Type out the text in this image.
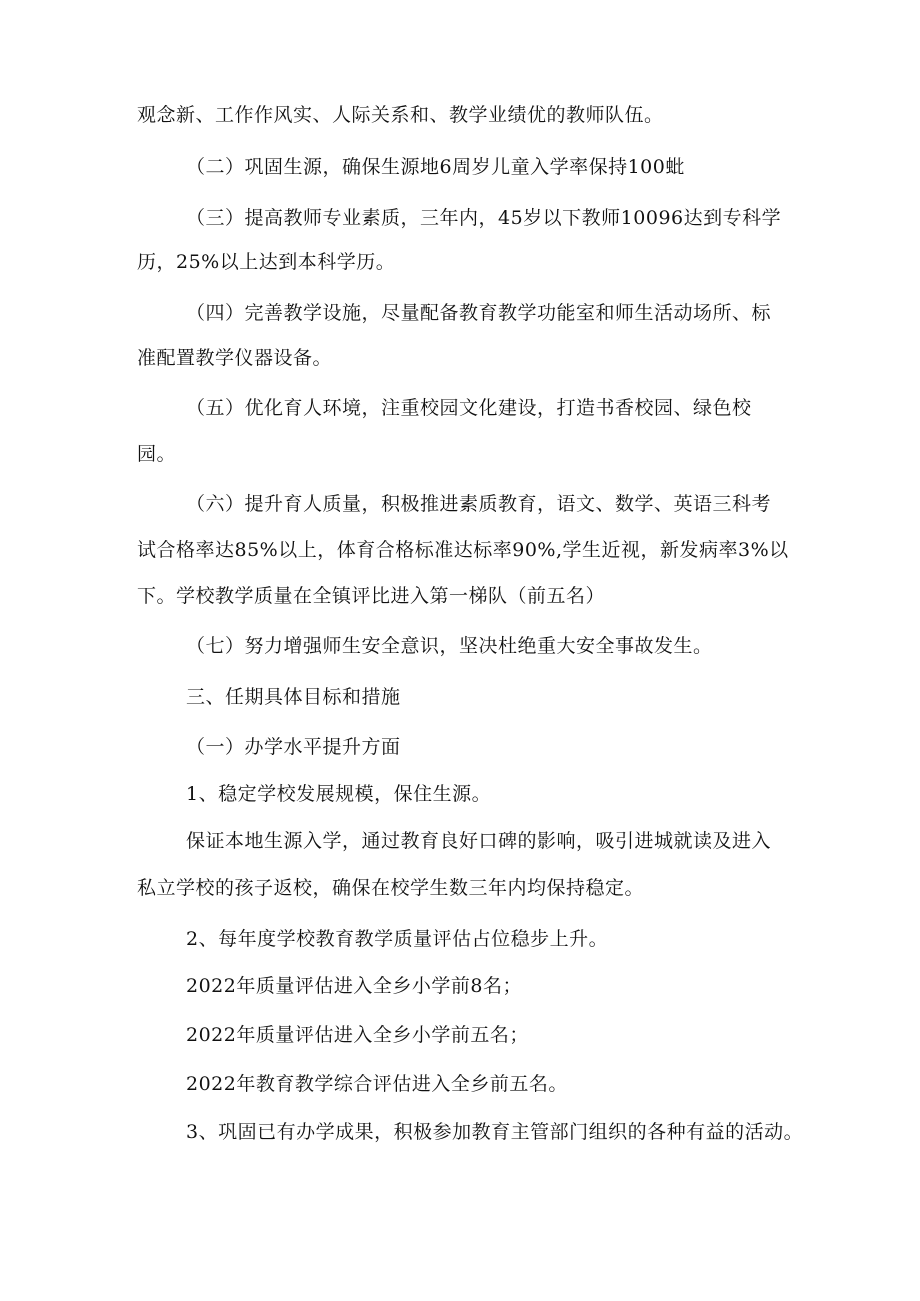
观念新、工作作风实、人际关系和、教学业绩优的教师队伍。
（二）巩固生源，确保生源地6周岁儿童入学率保持100蚍
（三）提高教师专业素质，三年内，45岁以下教师10096达到专科学
历，25%以上达到本科学历。
（四）完善教学设施，尽量配备教育教学功能室和师生活动场所、标
准配置教学仪器设备。
（五）优化育人环境，注重校园文化建设，打造书香校园、绿色校
园。
（六）提升育人质量，积极推进素质教育，语文、数学、英语三科考
试合格率达85%以上，体育合格标准达标率90%,学生近视，新发病率3%以
下。学校教学质量在全镇评比进入第一梯队（前五名）
（七）努力增强师生安全意识，坚决杜绝重大安全事故发生。
三、任期具体目标和措施
（一）办学水平提升方面
1、稳定学校发展规模，保住生源。
保证本地生源入学，通过教育良好口碑的影响，吸引进城就读及进入
私立学校的孩子返校，确保在校学生数三年内均保持稳定。
2、每年度学校教育教学质量评估占位稳步上升。
2022年质量评估进入全乡小学前8名；
2022年质量评估进入全乡小学前五名；
2022年教育教学综合评估进入全乡前五名。
3、巩固已有办学成果，积极参加教育主管部门组织的各种有益的活动。
